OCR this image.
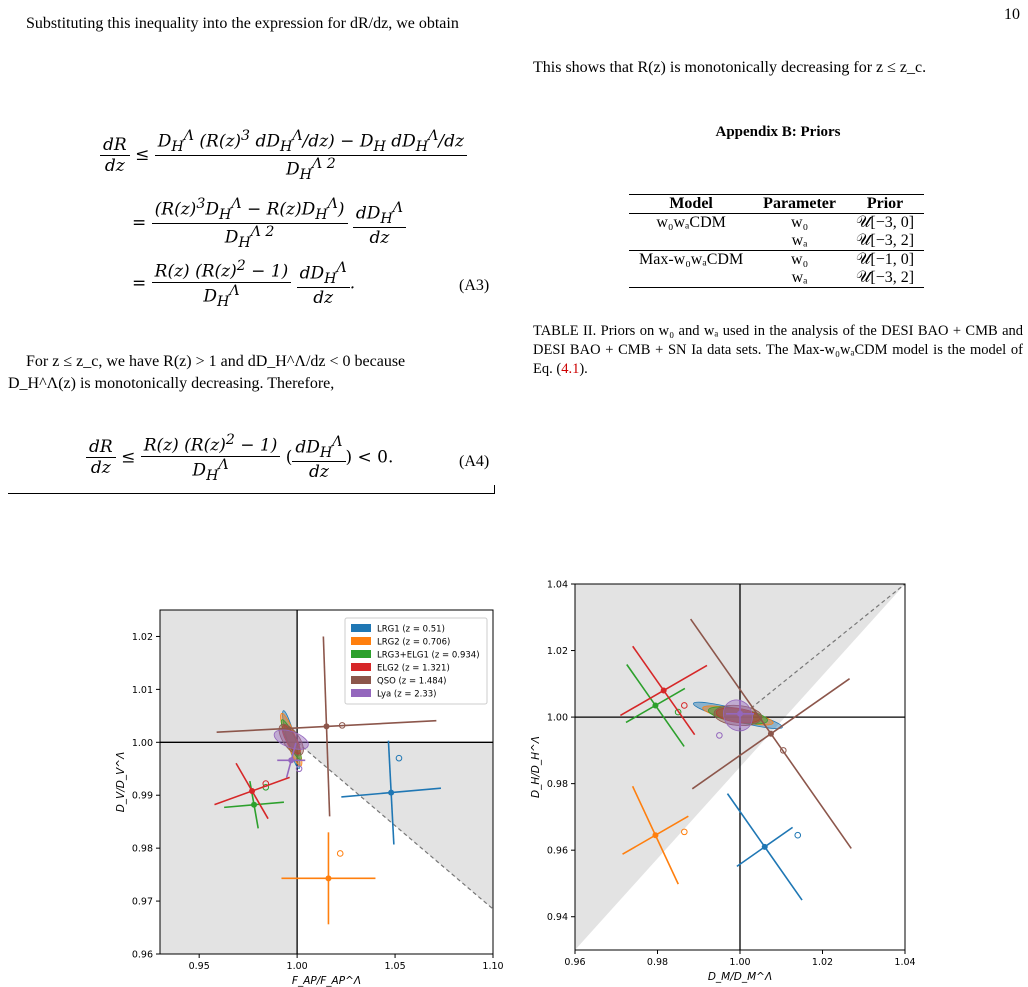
10
Substituting this inequality into the expression for dR/dz, we obtain
$\frac{dR}{dz} \le \frac{D_H^\Lambda (R(z)^3 dD_H^\Lambda/dz) - D_H dD_H^\Lambda/dz}{D_H^{\Lambda 2}}$
= $\frac{(R(z)^3D_H^\Lambda - R(z)D_H^\Lambda)}{D_H^{\Lambda 2}}$
$\frac{dD_H^\Lambda}{dz}$
= $\frac{R(z) (R(z)^2 - 1)}{D_H^\Lambda}$
$\frac{dD_H^\Lambda}{dz}$ .	(A3)
For z ≤ z_c, we have R(z) > 1 and dD_H^Λ/dz < 0 because
D_H^Λ(z) is monotonically decreasing. Therefore,
$\frac{dR}{dz} \le \frac{R(z) (R(z)^2 - 1)}{D_H^\Lambda}$ ( $\frac{dD_H^\Lambda}{dz}$ ) < 0.	(A4)
This shows that R(z) is monotonically decreasing for z ≤ z_c.
Appendix B: Priors
Model	Parameter	Prior
w₀wₐCDM	w₀	𝒰[−3, 0]
	wₐ	𝒰[−3, 2]
Max-w₀wₐCDM	w₀	𝒰[−1, 0]
	wₐ	𝒰[−3, 2]
TABLE II. Priors on w₀ and wₐ used in the analysis of the DESI BAO + CMB and DESI BAO + CMB + SN Ia data sets. The Max-w₀wₐCDM model is the model of Eq. (4.1).
0.95	1.00	1.05	1.10
0.96
0.97
0.98
0.99
1.00
1.01
1.02
F_AP/F_AP^Λ
D_V/D_V^Λ
LRG1 (z = 0.51)
LRG2 (z = 0.706)
LRG3+ELG1 (z = 0.934)
ELG2 (z = 1.321)
QSO (z = 1.484)
Lya (z = 2.33)
0.96	0.98	1.00	1.02	1.04
0.94
0.96
0.98
1.00
1.02
1.04
D_M/D_M^Λ
D_H/D_H^Λ
